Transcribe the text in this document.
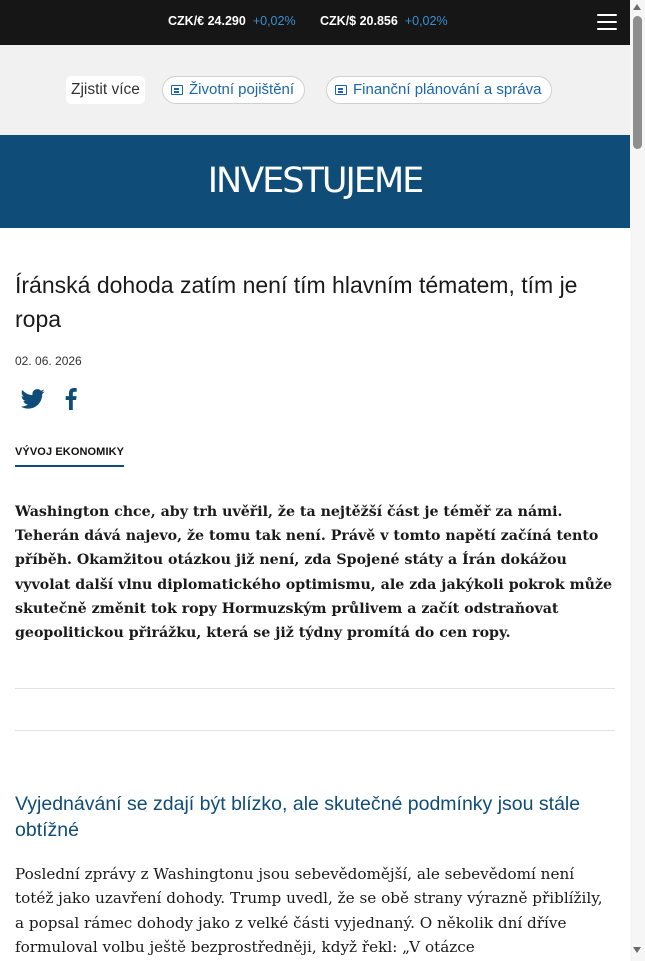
CZK/€ 24.290 +0,02% CZK/$ 20.856 +0,02%
Zjistit více	Životní pojištění	Finanční plánování a správa
INVESTUJEME
Íránská dohoda zatím není tím hlavním tématem, tím je ropa
02. 06. 2026
VÝVOJ EKONOMIKY

Washington chce, aby trh uvěřil, že ta nejtěžší část je téměř za námi. Teherán dává najevo, že tomu tak není. Právě v tomto napětí začíná tento příběh. Okamžitou otázkou již není, zda Spojené státy a Írán dokážou vyvolat další vlnu diplomatického optimismu, ale zda jakýkoli pokrok může skutečně změnit tok ropy Hormuzským průlivem a začít odstraňovat geopolitickou přirážku, která se již týdny promítá do cen ropy.

Vyjednávání se zdají být blízko, ale skutečné podmínky jsou stále obtížné

Poslední zprávy z Washingtonu jsou sebevědomější, ale sebevědomí není totéž jako uzavření dohody. Trump uvedl, že se obě strany výrazně přiblížily, a popsal rámec dohody jako z velké části vyjednaný. O několik dní dříve formuloval volbu ještě bezprostředněji, když řekl: „V otázce
